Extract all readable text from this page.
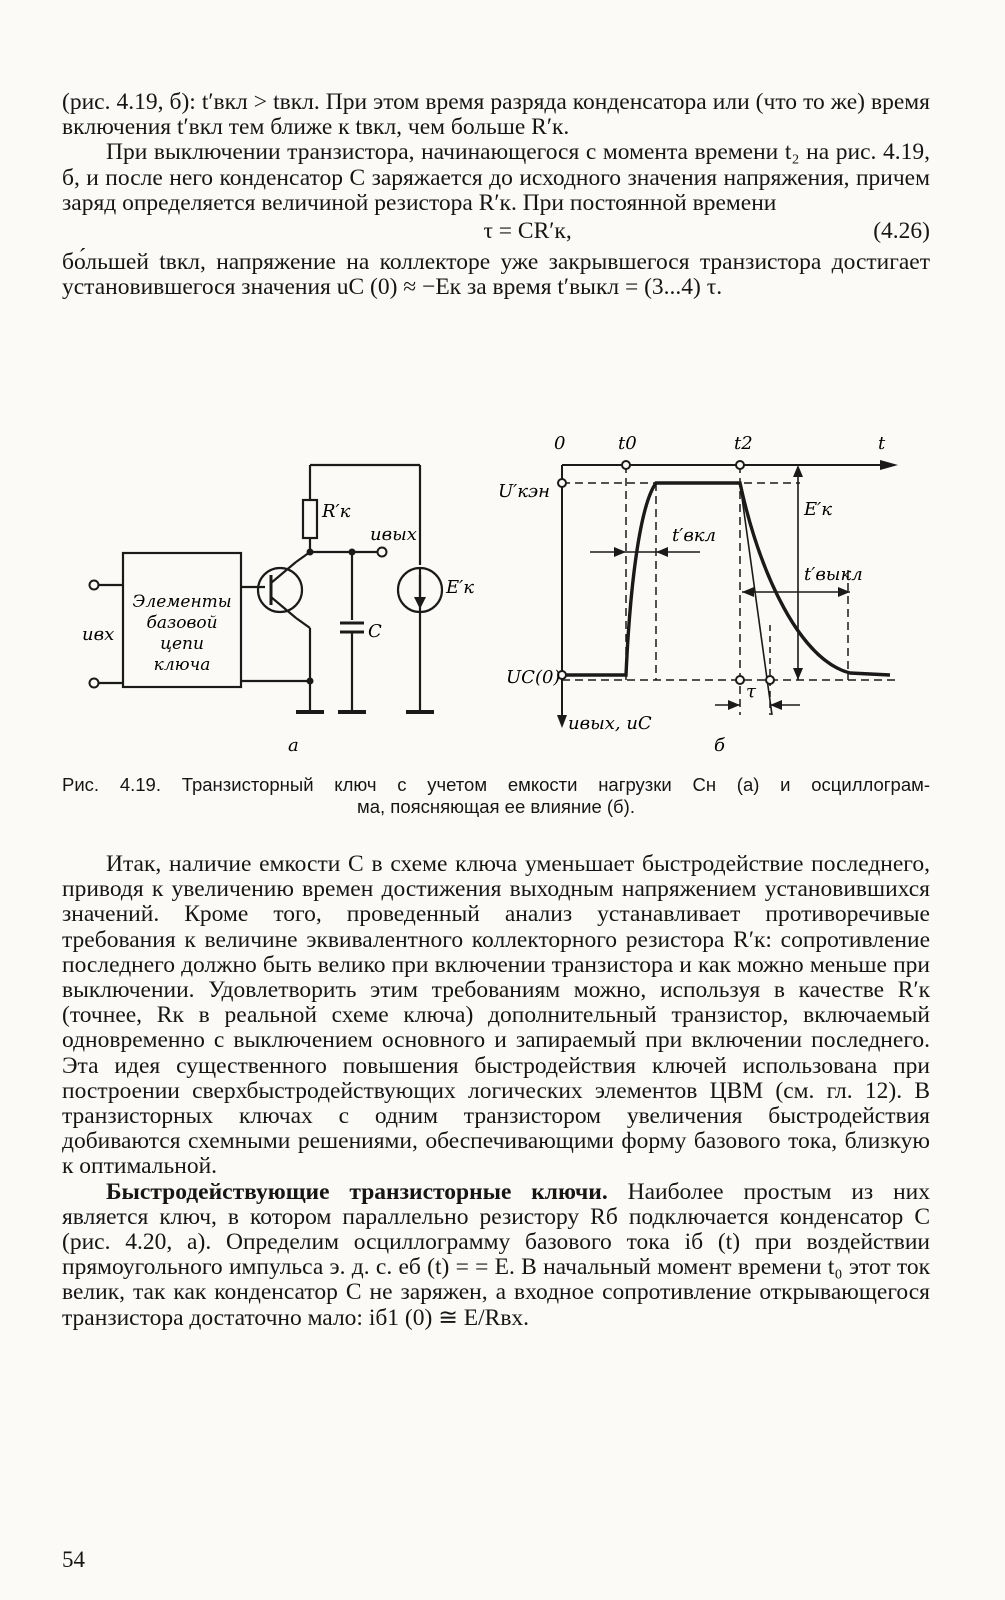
(рис. 4.19, б): t′вкл > tвкл. При этом время разряда конденсатора или (что то же) время включения t′вкл тем ближе к tвкл, чем больше R′к.

При выключении транзистора, начинающегося с момента времени t₂ на рис. 4.19, б, и после него конденсатор C заряжается до исходного значения напряжения, причем заряд определяется величиной резистора R′к. При постоянной времени

τ = CR′к,	(4.26)

бо́льшей tвкл, напряжение на коллекторе уже закрывшегося транзистора достигает установившегося значения uC (0) ≈ −Eк за время t′выкл = (3...4) τ.

Элементы
базовой
цепи
ключа
uвх
R′к
uвых
C
E′к
а
0	t0	t2	t
U′кэн
UC(0)
E′к
t′вкл
t′выкл
τ
uвых, uC
б
Рис. 4.19. Транзисторный ключ с учетом емкости нагрузки Cн (а) и осциллограм-
ма, поясняющая ее влияние (б).

Итак, наличие емкости C в схеме ключа уменьшает быстродействие последнего, приводя к увеличению времен достижения выходным напряжением установившихся значений. Кроме того, проведенный анализ устанавливает противоречивые требования к величине эквивалентного коллекторного резистора R′к: сопротивление последнего должно быть велико при включении транзистора и как можно меньше при выключении. Удовлетворить этим требованиям можно, используя в качестве R′к (точнее, Rк в реальной схеме ключа) дополнительный транзистор, включаемый одновременно с выключением основного и запираемый при включении последнего. Эта идея существенного повышения быстродействия ключей использована при построении сверхбыстродействующих логических элементов ЦВМ (см. гл. 12). В транзисторных ключах с одним транзистором увеличения быстродействия добиваются схемными решениями, обеспечивающими форму базового тока, близкую к оптимальной.

Быстродействующие транзисторные ключи. Наиболее простым из них является ключ, в котором параллельно резистору Rб подключается конденсатор C (рис. 4.20, а). Определим осциллограмму базового тока iб (t) при воздействии прямоугольного импульса э. д. с. eб (t) = = E. В начальный момент времени t₀ этот ток велик, так как конденсатор C не заряжен, а входное сопротивление открывающегося транзистора достаточно мало: iб1 (0) ≅ E/Rвх.

54
